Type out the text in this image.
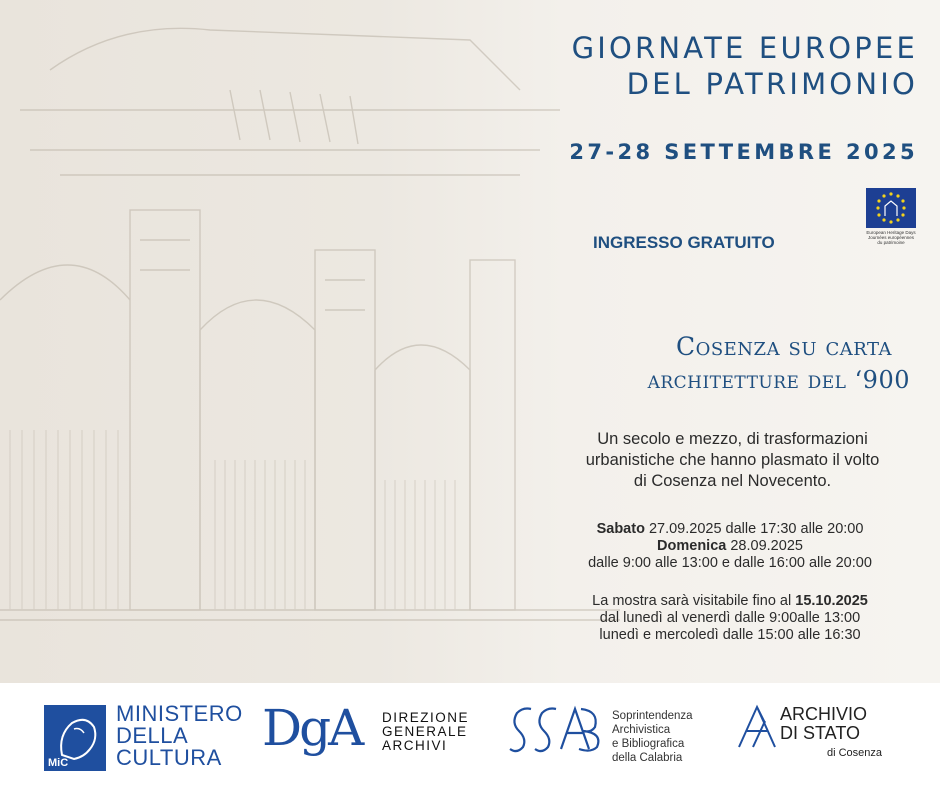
GIORNATE EUROPEE
DEL PATRIMONIO
27-28 SETTEMBRE 2025
INGRESSO GRATUITO
European Heritage Days
Journées européennes
du patrimoine
Cosenza su carta
architetture del ‘900
Un secolo e mezzo, di trasformazioni
urbanistiche che hanno plasmato il volto
di Cosenza nel Novecento.
Sabato 27.09.2025 dalle 17:30 alle 20:00
Domenica 28.09.2025
dalle 9:00 alle 13:00 e dalle 16:00 alle 20:00
La mostra sarà visitabile fino al 15.10.2025
dal lunedì al venerdì dalle 9:00alle 13:00
lunedì e mercoledì dalle 15:00 alle 16:30
MiC
MINISTERO
DELLA
CULTURA
DgA DIREZIONE
GENERALE
ARCHIVI
Soprintendenza
Archivistica
e Bibliografica
della Calabria
ARCHIVIO
DI STATO
di Cosenza
